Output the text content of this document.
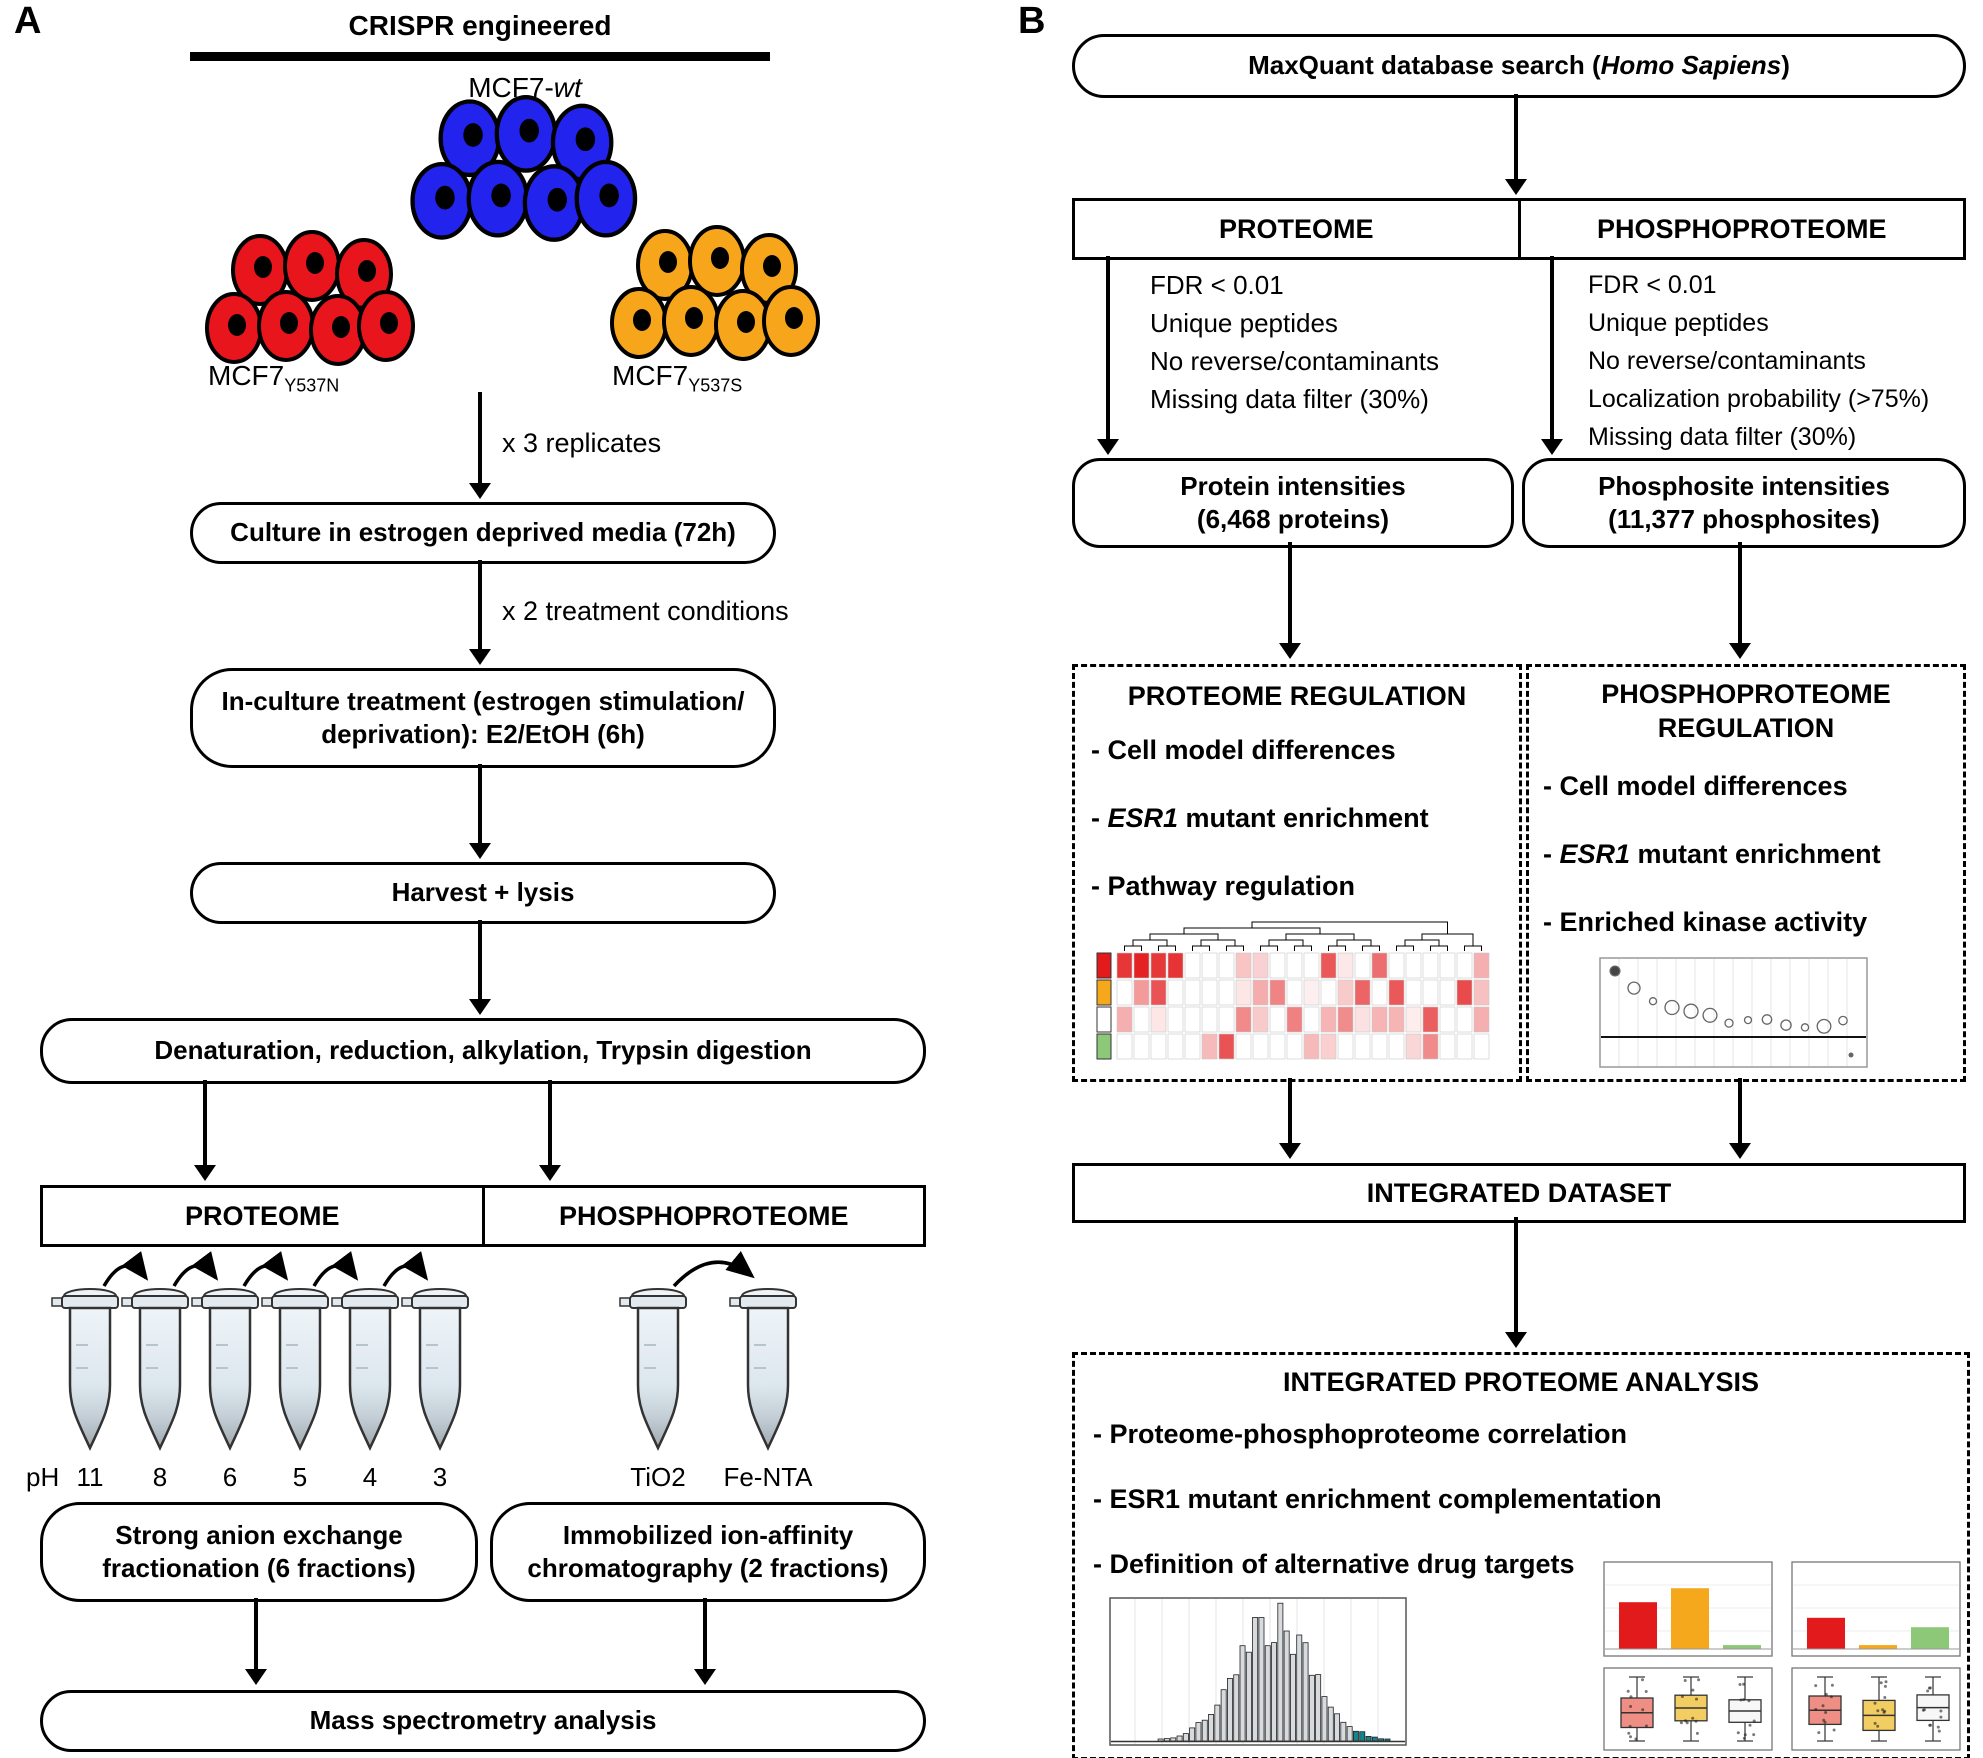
A	CRISPR engineered
MCF7-wt
$MCF7_{Y537N}$	$MCF7_{Y537S}$
x 3 replicates
Culture in estrogen deprived media (72h)
x 2 treatment conditions
In-culture treatment (estrogen stimulation/
deprivation): E2/EtOH (6h)
Harvest + lysis
Denaturation, reduction, alkylation, Trypsin digestion
PROTEOME	PHOSPHOPROTEOME
pH 11	8	6	5	4	3	TiO2	Fe-NTA
Strong anion exchange
fractionation (6 fractions)
Immobilized ion-affinity
chromatography (2 fractions)
Mass spectrometry analysis
B
MaxQuant database search (Homo Sapiens)
PROTEOME	PHOSPHOPROTEOME
FDR < 0.01
Unique peptides
No reverse/contaminants
Missing data filter (30%)
FDR < 0.01
Unique peptides
No reverse/contaminants
Localization probability (>75%)
Missing data filter (30%)
Protein intensities
(6,468 proteins)
Phosphosite intensities
(11,377 phosphosites)
PROTEOME REGULATION
- Cell model differences
- ESR1 mutant enrichment
- Pathway regulation
PHOSPHOPROTEOME
REGULATION
- Cell model differences
- ESR1 mutant enrichment
- Enriched kinase activity
INTEGRATED DATASET
INTEGRATED PROTEOME ANALYSIS
- Proteome-phosphoproteome correlation
- ESR1 mutant enrichment complementation
- Definition of alternative drug targets
